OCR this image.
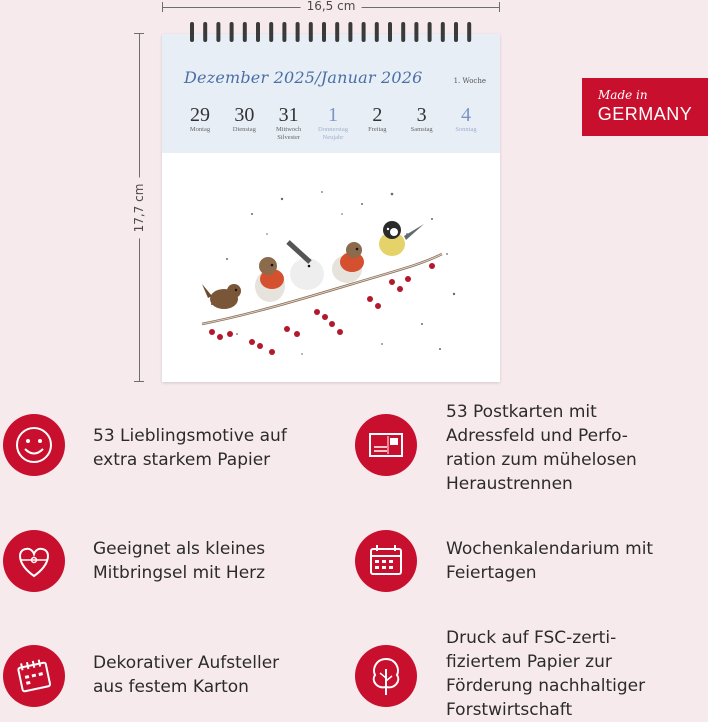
16,5 cm
17,7 cm
Dezember 2025/Januar 2026	1. Woche
29
Montag
30
Dienstag
31
Mittwoch
Silvester
1
Donnerstag
Neujahr
2
Freitag
3
Samstag
4
Sonntag
Made in
GERMANY
53 Lieblingsmotive auf
extra starkem Papier
53 Postkarten mit
Adressfeld und Perfo-
ration zum mühelosen
Heraustrennen
Geeignet als kleines
Mitbringsel mit Herz
Wochenkalendarium mit
Feiertagen
Dekorativer Aufsteller
aus festem Karton
Druck auf FSC-zerti-
fiziertem Papier zur
Förderung nachhaltiger
Forstwirtschaft
